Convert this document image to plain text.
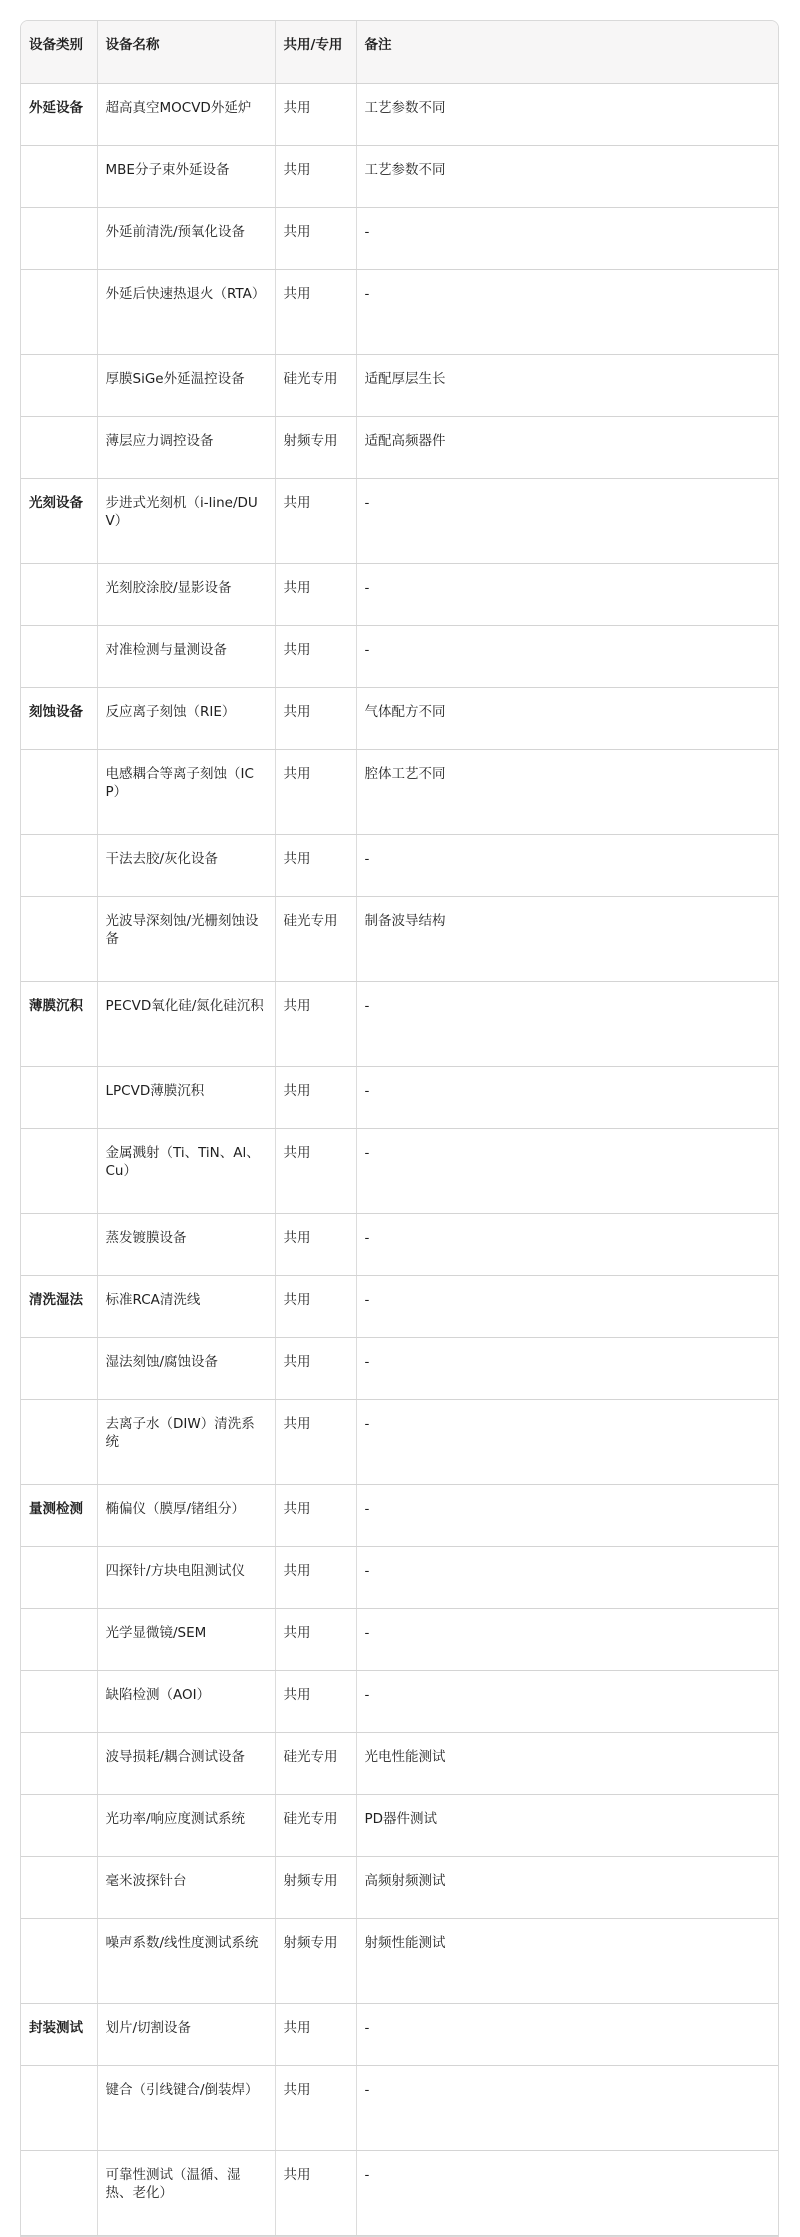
设备类别	设备名称	共用/专用	备注
外延设备	超高真空MOCVD外延炉	共用	工艺参数不同
	MBE分子束外延设备	共用	工艺参数不同
	外延前清洗/预氧化设备	共用	-
	外延后快速热退火（RTA）	共用	-
	厚膜SiGe外延温控设备	硅光专用	适配厚层生长
	薄层应力调控设备	射频专用	适配高频器件
光刻设备	步进式光刻机（i-line/DUV）	共用	-
	光刻胶涂胶/显影设备	共用	-
	对准检测与量测设备	共用	-
刻蚀设备	反应离子刻蚀（RIE）	共用	气体配方不同
	电感耦合等离子刻蚀（ICP）	共用	腔体工艺不同
	干法去胶/灰化设备	共用	-
	光波导深刻蚀/光栅刻蚀设备	硅光专用	制备波导结构
薄膜沉积	PECVD氧化硅/氮化硅沉积	共用	-
	LPCVD薄膜沉积	共用	-
	金属溅射（Ti、TiN、Al、Cu）	共用	-
	蒸发镀膜设备	共用	-
清洗湿法	标准RCA清洗线	共用	-
	湿法刻蚀/腐蚀设备	共用	-
	去离子水（DIW）清洗系统	共用	-
量测检测	椭偏仪（膜厚/锗组分）	共用	-
	四探针/方块电阻测试仪	共用	-
	光学显微镜/SEM	共用	-
	缺陷检测（AOI）	共用	-
	波导损耗/耦合测试设备	硅光专用	光电性能测试
	光功率/响应度测试系统	硅光专用	PD器件测试
	毫米波探针台	射频专用	高频射频测试
	噪声系数/线性度测试系统	射频专用	射频性能测试
封装测试	划片/切割设备	共用	-
	键合（引线键合/倒装焊）	共用	-
	可靠性测试（温循、湿热、老化）	共用	-
